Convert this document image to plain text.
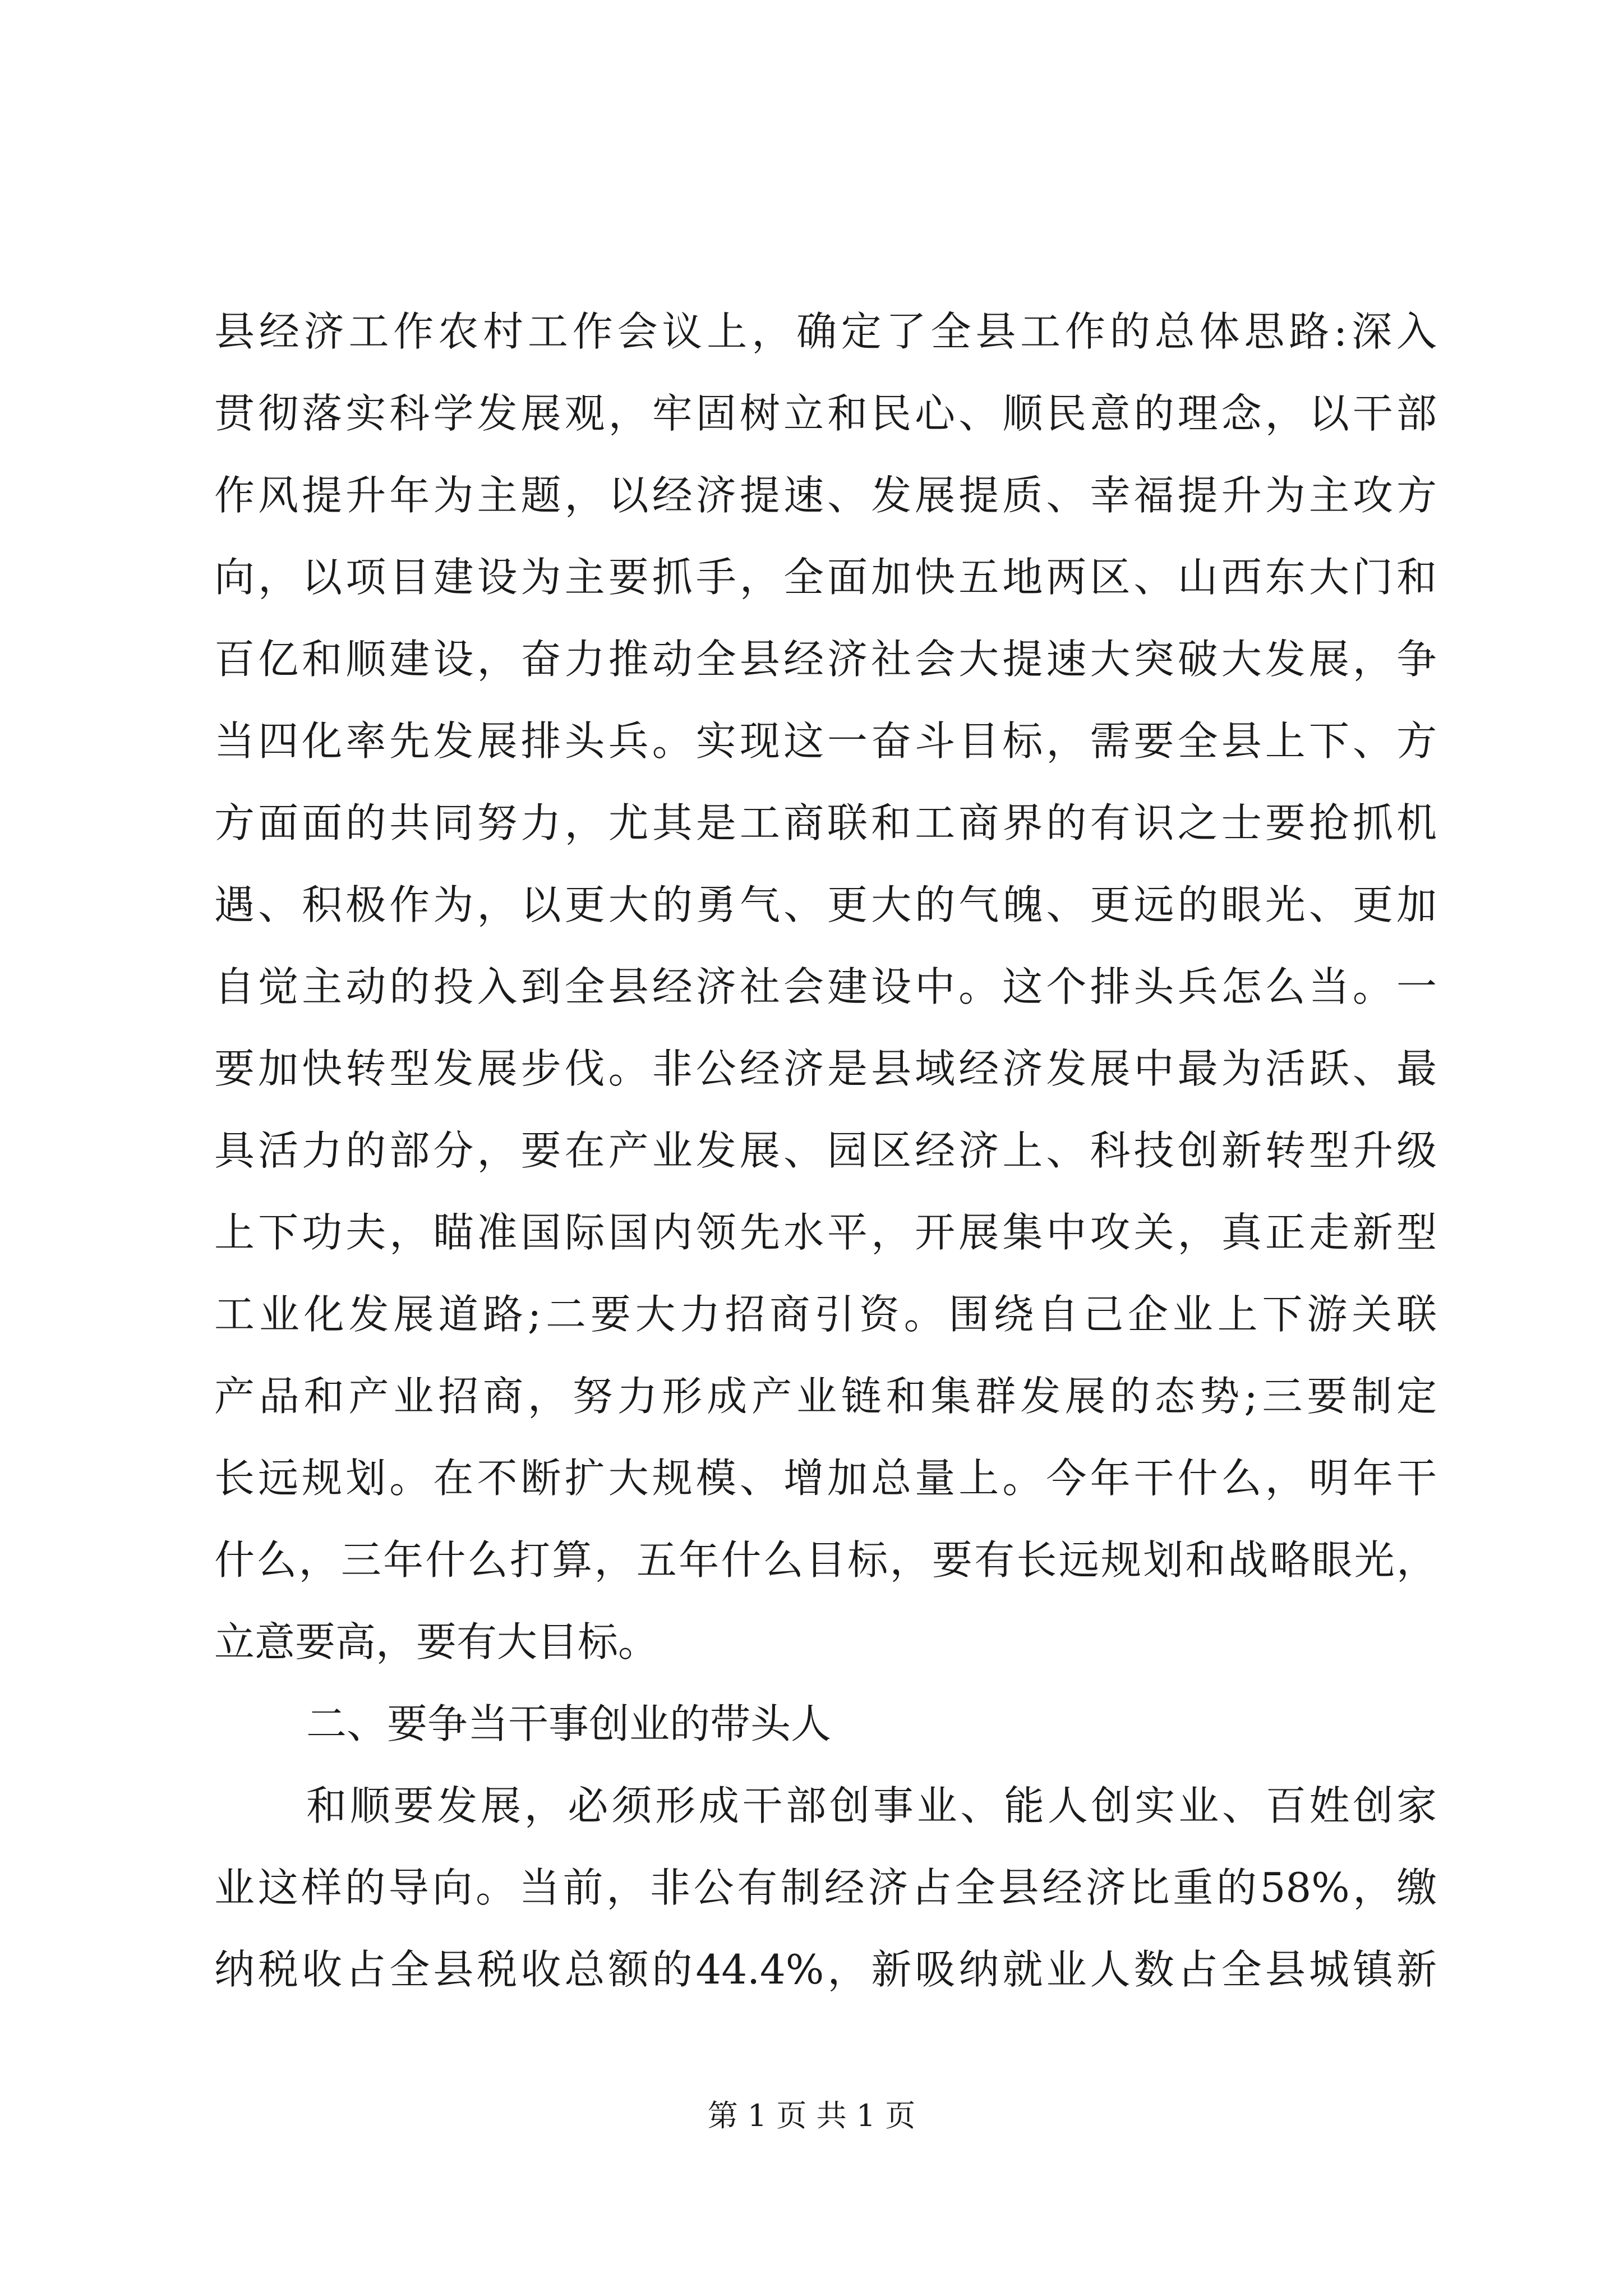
县经济工作农村工作会议上，确定了全县工作的总体思路:深入
贯彻落实科学发展观，牢固树立和民心、顺民意的理念，以干部
作风提升年为主题，以经济提速、发展提质、幸福提升为主攻方
向，以项目建设为主要抓手，全面加快五地两区、山西东大门和
百亿和顺建设，奋力推动全县经济社会大提速大突破大发展，争
当四化率先发展排头兵。实现这一奋斗目标，需要全县上下、方
方面面的共同努力，尤其是工商联和工商界的有识之士要抢抓机
遇、积极作为，以更大的勇气、更大的气魄、更远的眼光、更加
自觉主动的投入到全县经济社会建设中。这个排头兵怎么当。一
要加快转型发展步伐。非公经济是县域经济发展中最为活跃、最
具活力的部分，要在产业发展、园区经济上、科技创新转型升级
上下功夫，瞄准国际国内领先水平，开展集中攻关，真正走新型
工业化发展道路;二要大力招商引资。围绕自己企业上下游关联
产品和产业招商，努力形成产业链和集群发展的态势;三要制定
长远规划。在不断扩大规模、增加总量上。今年干什么，明年干
什么，三年什么打算，五年什么目标，要有长远规划和战略眼光，
立意要高，要有大目标。
二、要争当干事创业的带头人
和顺要发展，必须形成干部创事业、能人创实业、百姓创家
业这样的导向。当前，非公有制经济占全县经济比重的58%，缴
纳税收占全县税收总额的44.4%，新吸纳就业人数占全县城镇新
第 1 页 共 1 页
